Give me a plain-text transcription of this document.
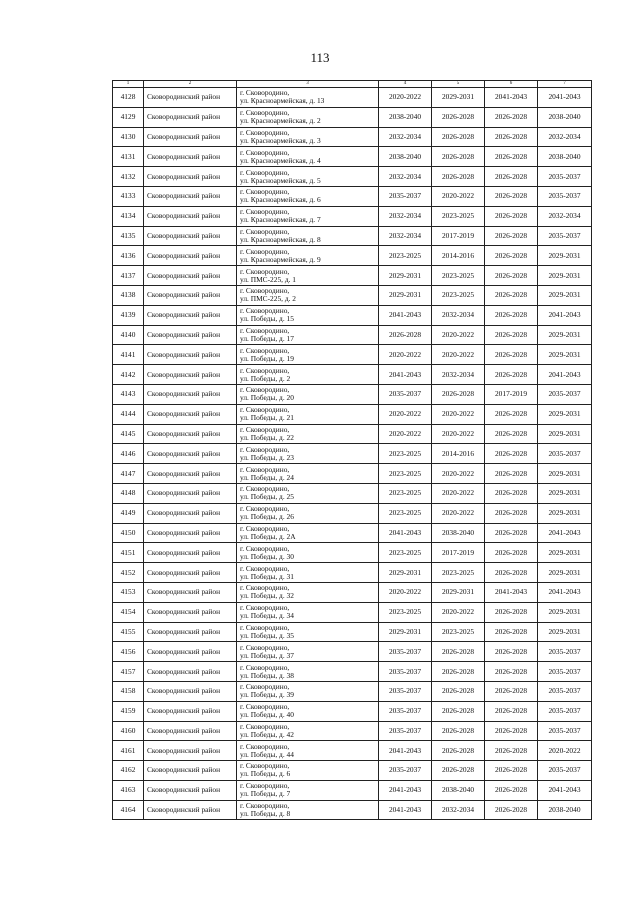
113
1	2	3	4	5	6	7
4128	Сковородинский район	г. Сковородино,
ул. Красноармейская, д. 13	2020-2022	2029-2031	2041-2043	2041-2043
4129	Сковородинский район	г. Сковородино,
ул. Красноармейская, д. 2	2038-2040	2026-2028	2026-2028	2038-2040
4130	Сковородинский район	г. Сковородино,
ул. Красноармейская, д. 3	2032-2034	2026-2028	2026-2028	2032-2034
4131	Сковородинский район	г. Сковородино,
ул. Красноармейская, д. 4	2038-2040	2026-2028	2026-2028	2038-2040
4132	Сковородинский район	г. Сковородино,
ул. Красноармейская, д. 5	2032-2034	2026-2028	2026-2028	2035-2037
4133	Сковородинский район	г. Сковородино,
ул. Красноармейская, д. 6	2035-2037	2020-2022	2026-2028	2035-2037
4134	Сковородинский район	г. Сковородино,
ул. Красноармейская, д. 7	2032-2034	2023-2025	2026-2028	2032-2034
4135	Сковородинский район	г. Сковородино,
ул. Красноармейская, д. 8	2032-2034	2017-2019	2026-2028	2035-2037
4136	Сковородинский район	г. Сковородино,
ул. Красноармейская, д. 9	2023-2025	2014-2016	2026-2028	2029-2031
4137	Сковородинский район	г. Сковородино,
ул. ПМС-225, д. 1	2029-2031	2023-2025	2026-2028	2029-2031
4138	Сковородинский район	г. Сковородино,
ул. ПМС-225, д. 2	2029-2031	2023-2025	2026-2028	2029-2031
4139	Сковородинский район	г. Сковородино,
ул. Победы, д. 15	2041-2043	2032-2034	2026-2028	2041-2043
4140	Сковородинский район	г. Сковородино,
ул. Победы, д. 17	2026-2028	2020-2022	2026-2028	2029-2031
4141	Сковородинский район	г. Сковородино,
ул. Победы, д. 19	2020-2022	2020-2022	2026-2028	2029-2031
4142	Сковородинский район	г. Сковородино,
ул. Победы, д. 2	2041-2043	2032-2034	2026-2028	2041-2043
4143	Сковородинский район	г. Сковородино,
ул. Победы, д. 20	2035-2037	2026-2028	2017-2019	2035-2037
4144	Сковородинский район	г. Сковородино,
ул. Победы, д. 21	2020-2022	2020-2022	2026-2028	2029-2031
4145	Сковородинский район	г. Сковородино,
ул. Победы, д. 22	2020-2022	2020-2022	2026-2028	2029-2031
4146	Сковородинский район	г. Сковородино,
ул. Победы, д. 23	2023-2025	2014-2016	2026-2028	2035-2037
4147	Сковородинский район	г. Сковородино,
ул. Победы, д. 24	2023-2025	2020-2022	2026-2028	2029-2031
4148	Сковородинский район	г. Сковородино,
ул. Победы, д. 25	2023-2025	2020-2022	2026-2028	2029-2031
4149	Сковородинский район	г. Сковородино,
ул. Победы, д. 26	2023-2025	2020-2022	2026-2028	2029-2031
4150	Сковородинский район	г. Сковородино,
ул. Победы, д. 2А	2041-2043	2038-2040	2026-2028	2041-2043
4151	Сковородинский район	г. Сковородино,
ул. Победы, д. 30	2023-2025	2017-2019	2026-2028	2029-2031
4152	Сковородинский район	г. Сковородино,
ул. Победы, д. 31	2029-2031	2023-2025	2026-2028	2029-2031
4153	Сковородинский район	г. Сковородино,
ул. Победы, д. 32	2020-2022	2029-2031	2041-2043	2041-2043
4154	Сковородинский район	г. Сковородино,
ул. Победы, д. 34	2023-2025	2020-2022	2026-2028	2029-2031
4155	Сковородинский район	г. Сковородино,
ул. Победы, д. 35	2029-2031	2023-2025	2026-2028	2029-2031
4156	Сковородинский район	г. Сковородино,
ул. Победы, д. 37	2035-2037	2026-2028	2026-2028	2035-2037
4157	Сковородинский район	г. Сковородино,
ул. Победы, д. 38	2035-2037	2026-2028	2026-2028	2035-2037
4158	Сковородинский район	г. Сковородино,
ул. Победы, д. 39	2035-2037	2026-2028	2026-2028	2035-2037
4159	Сковородинский район	г. Сковородино,
ул. Победы, д. 40	2035-2037	2026-2028	2026-2028	2035-2037
4160	Сковородинский район	г. Сковородино,
ул. Победы, д. 42	2035-2037	2026-2028	2026-2028	2035-2037
4161	Сковородинский район	г. Сковородино,
ул. Победы, д. 44	2041-2043	2026-2028	2026-2028	2020-2022
4162	Сковородинский район	г. Сковородино,
ул. Победы, д. 6	2035-2037	2026-2028	2026-2028	2035-2037
4163	Сковородинский район	г. Сковородино,
ул. Победы, д. 7	2041-2043	2038-2040	2026-2028	2041-2043
4164	Сковородинский район	г. Сковородино,
ул. Победы, д. 8	2041-2043	2032-2034	2026-2028	2038-2040
